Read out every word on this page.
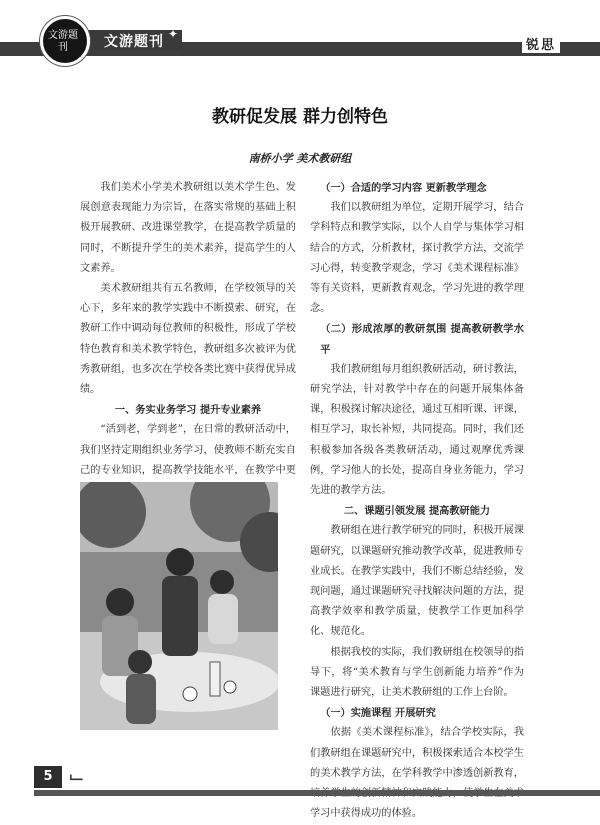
文游题刊	文游题刊 ✦
锐思
教研促发展 群力创特色
南桥小学 美术教研组

我们美术小学美术教研组以美术学生色、发展创意表现能力为宗旨，在落实常规的基础上积极开展教研、改进课堂教学，在提高教学质量的同时，不断提升学生的美术素养，提高学生的人文素养。

美术教研组共有五名教师，在学校领导的关心下，多年来的教学实践中不断摸索、研究，在教研工作中调动每位教师的积极性，形成了学校特色教育和美术教学特色，教研组多次被评为优秀教研组，也多次在学校各类比赛中获得优异成绩。

一、务实业务学习 提升专业素养

“活到老，学到老”，在日常的教研活动中，我们坚持定期组织业务学习，使教师不断充实自己的专业知识，提高教学技能水平，在教学中更

（一）合适的学习内容 更新教学理念

我们以教研组为单位，定期开展学习，结合学科特点和教学实际，以个人自学与集体学习相结合的方式，分析教材，探讨教学方法，交流学习心得，转变教学观念，学习《美术课程标准》等有关资料，更新教育观念，学习先进的教学理念。

（二）形成浓厚的教研氛围 提高教研教学水平

我们教研组每月组织教研活动，研讨教法，研究学法，针对教学中存在的问题开展集体备课，积极探讨解决途径，通过互相听课、评课，相互学习，取长补短，共同提高。同时，我们还积极参加各级各类教研活动，通过观摩优秀课例，学习他人的长处，提高自身业务能力，学习先进的教学方法。

二、课题引领发展 提高教研能力

教研组在进行教学研究的同时，积极开展课题研究，以课题研究推动教学改革，促进教师专业成长。在教学实践中，我们不断总结经验，发现问题，通过课题研究寻找解决问题的方法，提高教学效率和教学质量，使教学工作更加科学化、规范化。

根据我校的实际，我们教研组在校领导的指导下，将“美术教育与学生创新能力培养”作为课题进行研究，让美术教研组的工作上台阶。

（一）实施课程 开展研究

依据《美术课程标准》，结合学校实际，我们教研组在课题研究中，积极探索适合本校学生的美术教学方法，在学科教学中渗透创新教育， 学习中获得成功的体验。

5 ⌙
